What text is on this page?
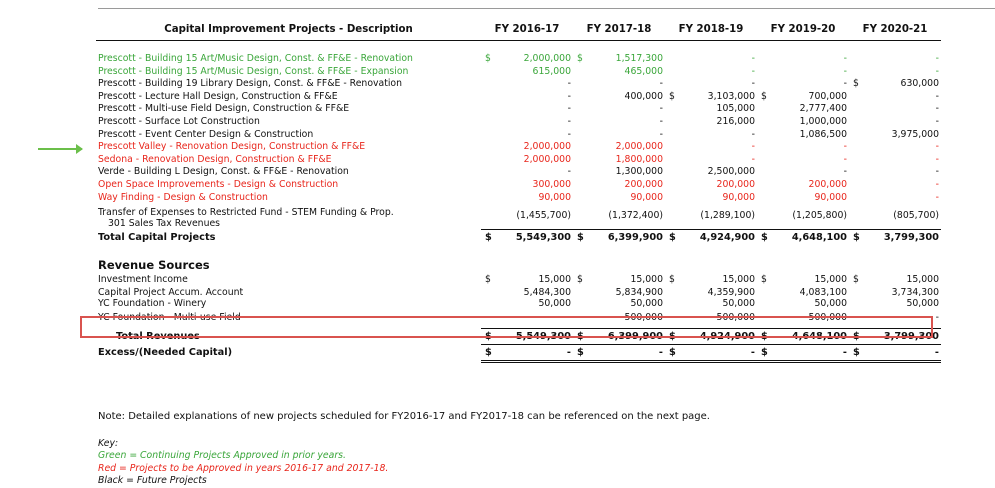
Capital Improvement Projects - Description	FY 2016-17	FY 2017-18	FY 2018-19	FY 2019-20	FY 2020-21

Prescott - Building 15 Art/Music Design, Const. & FF&E - Renovation	$ 2,000,000	$ 1,517,300	-	-	-
Prescott - Building 15 Art/Music Design, Const. & FF&E - Expansion	615,000	465,000	-	-	-
Prescott - Building 19 Library Design, Const. & FF&E - Renovation	-	-	-	-	$ 630,000
Prescott - Lecture Hall Design, Construction & FF&E	-	400,000	$ 3,103,000	$ 700,000	-
Prescott - Multi-use Field Design, Construction & FF&E	-	-	105,000	2,777,400	-
Prescott - Surface Lot Construction	-	-	216,000	1,000,000	-
Prescott - Event Center Design & Construction	-	-	-	1,086,500	3,975,000
Prescott Valley - Renovation Design, Construction & FF&E	2,000,000	2,000,000	-	-	-
Sedona - Renovation Design, Construction & FF&E	2,000,000	1,800,000	-	-	-
Verde - Building L Design, Const. & FF&E - Renovation	-	1,300,000	2,500,000	-	-
Open Space Improvements - Design & Construction	300,000	200,000	200,000	200,000	-
Way Finding - Design & Construction	90,000	90,000	90,000	90,000	-
Transfer of Expenses to Restricted Fund - STEM Funding & Prop.
301 Sales Tax Revenues	(1,455,700)	(1,372,400)	(1,289,100)	(1,205,800)	(805,700)
Total Capital Projects	$ 5,549,300	$ 6,399,900	$ 4,924,900	$ 4,648,100	$ 3,799,300

Revenue Sources					
Investment Income	$ 15,000	$ 15,000	$ 15,000	$ 15,000	$ 15,000
Capital Project Accum. Account	5,484,300	5,834,900	4,359,900	4,083,100	3,734,300
YC Foundation - Winery	50,000	50,000	50,000	50,000	50,000

YC Foundation - Multi-use Field	-	500,000	500,000	500,000	-

Total Revenues	$ 5,549,300	$ 6,399,900	$ 4,924,900	$ 4,648,100	$ 3,799,300
Excess/(Needed Capital)	$ -	$ -	$ -	$ -	$ -
Note: Detailed explanations of new projects scheduled for FY2016-17 and FY2017-18 can be referenced on the next page.
Key:
Green = Continuing Projects Approved in prior years.
Red = Projects to be Approved in years 2016-17 and 2017-18.
Black = Future Projects
